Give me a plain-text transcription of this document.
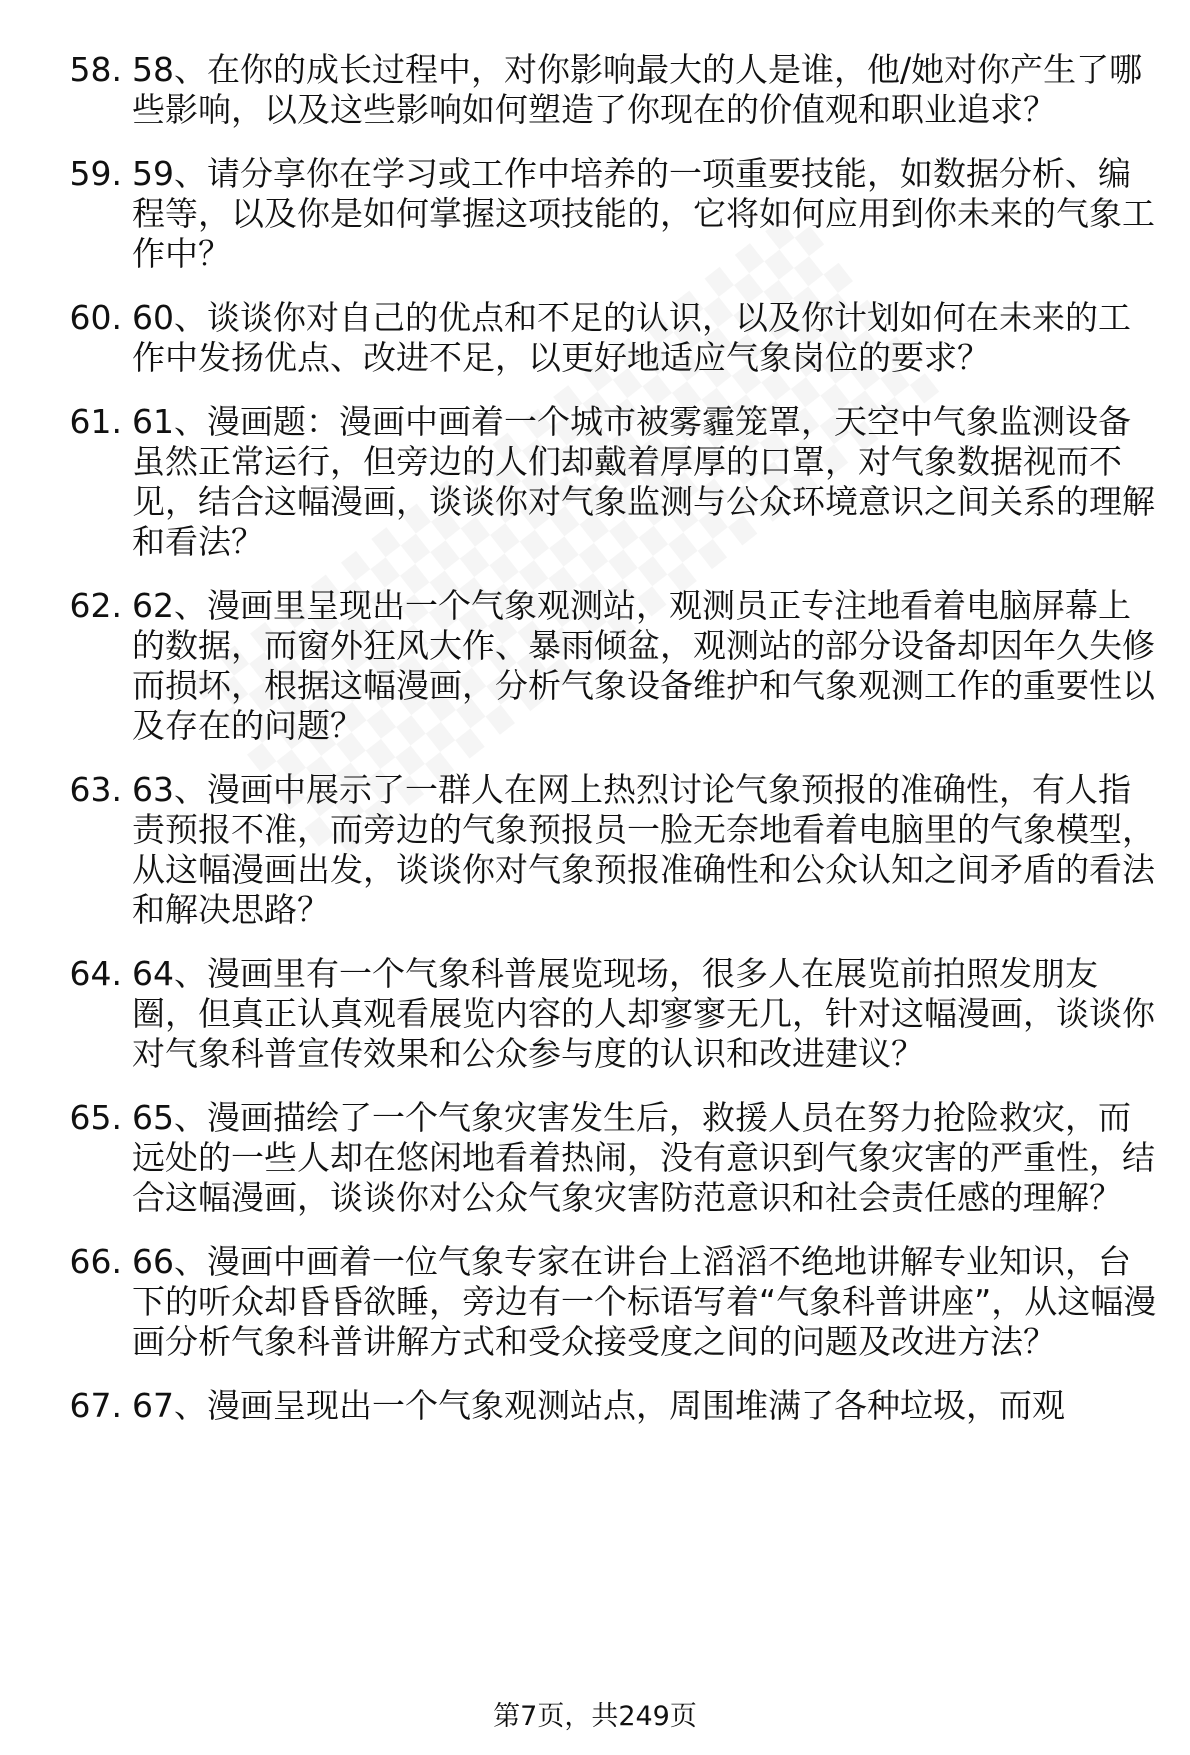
58. 58、在你的成长过程中，对你影响最大的人是谁，他/她对你产生了哪些影响，以及这些影响如何塑造了你现在的价值观和职业追求？
59. 59、请分享你在学习或工作中培养的一项重要技能，如数据分析、编程等，以及你是如何掌握这项技能的，它将如何应用到你未来的气象工作中？
60. 60、谈谈你对自己的优点和不足的认识，以及你计划如何在未来的工作中发扬优点、改进不足，以更好地适应气象岗位的要求？
61. 61、漫画题：漫画中画着一个城市被雾霾笼罩，天空中气象监测设备虽然正常运行，但旁边的人们却戴着厚厚的口罩，对气象数据视而不见，结合这幅漫画，谈谈你对气象监测与公众环境意识之间关系的理解和看法？
62. 62、漫画里呈现出一个气象观测站，观测员正专注地看着电脑屏幕上的数据，而窗外狂风大作、暴雨倾盆，观测站的部分设备却因年久失修而损坏，根据这幅漫画，分析气象设备维护和气象观测工作的重要性以及存在的问题？
63. 63、漫画中展示了一群人在网上热烈讨论气象预报的准确性，有人指责预报不准，而旁边的气象预报员一脸无奈地看着电脑里的气象模型，从这幅漫画出发，谈谈你对气象预报准确性和公众认知之间矛盾的看法和解决思路？
64. 64、漫画里有一个气象科普展览现场，很多人在展览前拍照发朋友圈，但真正认真观看展览内容的人却寥寥无几，针对这幅漫画，谈谈你对气象科普宣传效果和公众参与度的认识和改进建议？
65. 65、漫画描绘了一个气象灾害发生后，救援人员在努力抢险救灾，而远处的一些人却在悠闲地看着热闹，没有意识到气象灾害的严重性，结合这幅漫画，谈谈你对公众气象灾害防范意识和社会责任感的理解？
66. 66、漫画中画着一位气象专家在讲台上滔滔不绝地讲解专业知识，台下的听众却昏昏欲睡，旁边有一个标语写着“气象科普讲座”，从这幅漫画分析气象科普讲解方式和受众接受度之间的问题及改进方法？
67. 67、漫画呈现出一个气象观测站点，周围堆满了各种垃圾，而观
第7页，共249页
